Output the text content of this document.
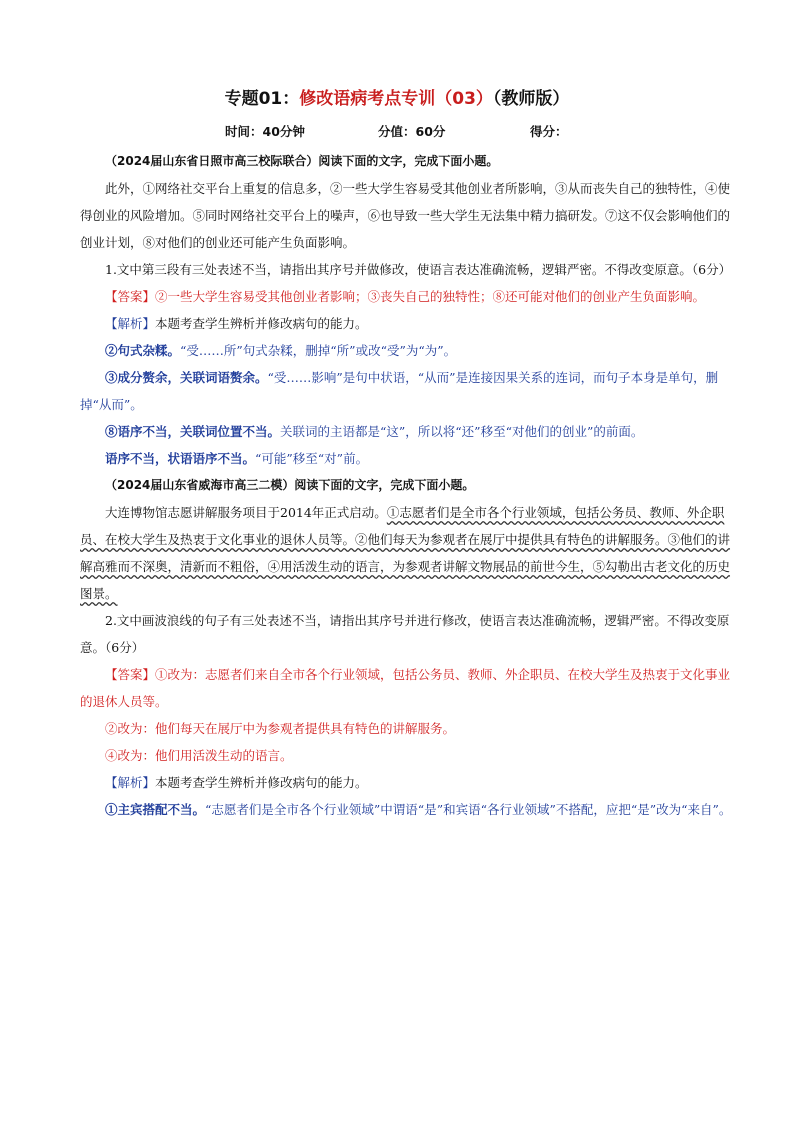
专题01：修改语病考点专训（03）（教师版）
时间：40分钟	分值：60分	得分：

（2024届山东省日照市高三校际联合）阅读下面的文字，完成下面小题。

此外，①网络社交平台上重复的信息多，②一些大学生容易受其他创业者所影响，③从而丧失自己的独特性，④使得创业的风险增加。⑤同时网络社交平台上的噪声，⑥也导致一些大学生无法集中精力搞研发。⑦这不仅会影响他们的创业计划，⑧对他们的创业还可能产生负面影响。

1.文中第三段有三处表述不当，请指出其序号并做修改，使语言表达准确流畅，逻辑严密。不得改变原意。（6分）

【答案】②一些大学生容易受其他创业者影响；③丧失自己的独特性；⑧还可能对他们的创业产生负面影响。

【解析】本题考查学生辨析并修改病句的能力。

②句式杂糅。“受……所”句式杂糅，删掉“所”或改“受”为“为”。

③成分赘余，关联词语赘余。“受……影响”是句中状语，“从而”是连接因果关系的连词，而句子本身是单句，删掉“从而”。

⑧语序不当，关联词位置不当。关联词的主语都是“这”，所以将“还”移至“对他们的创业”的前面。

语序不当，状语语序不当。“可能”移至“对”前。

（2024届山东省威海市高三二模）阅读下面的文字，完成下面小题。

大连博物馆志愿讲解服务项目于2014年正式启动。①志愿者们是全市各个行业领域，包括公务员、教师、外企职员、在校大学生及热衷于文化事业的退休人员等。②他们每天为参观者在展厅中提供具有特色的讲解服务。③他们的讲解高雅而不深奥，清新而不粗俗，④用活泼生动的语言，为参观者讲解文物展品的前世今生，⑤勾勒出古老文化的历史图景。

2.文中画波浪线的句子有三处表述不当，请指出其序号并进行修改，使语言表达准确流畅，逻辑严密。不得改变原意。（6分）

【答案】①改为：志愿者们来自全市各个行业领域，包括公务员、教师、外企职员、在校大学生及热衷于文化事业的退休人员等。

②改为：他们每天在展厅中为参观者提供具有特色的讲解服务。

④改为：他们用活泼生动的语言。

【解析】本题考查学生辨析并修改病句的能力。

①主宾搭配不当。“志愿者们是全市各个行业领域”中谓语“是”和宾语“各行业领域”不搭配，应把“是”改为“来自”。
